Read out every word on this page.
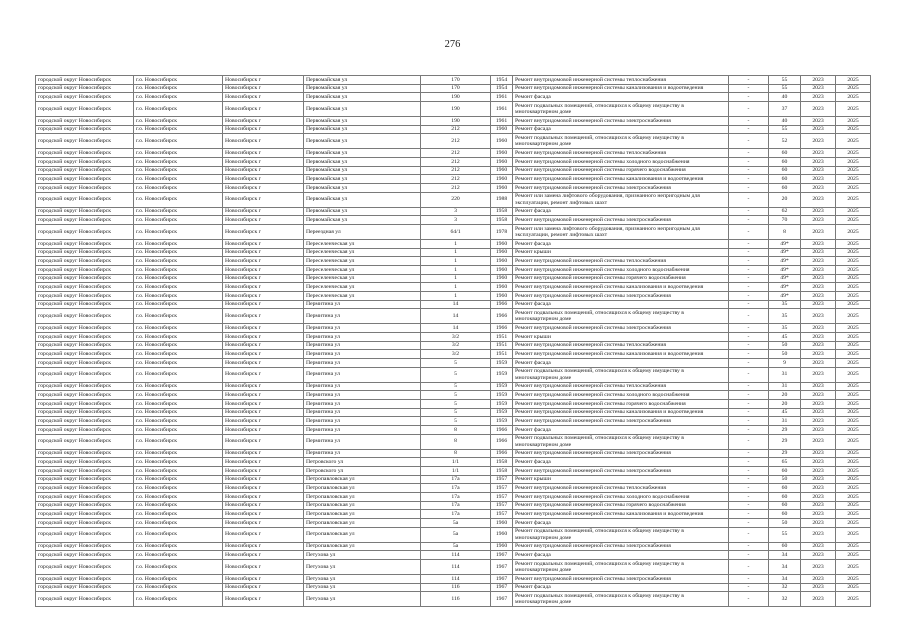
276
городской округ Новосибирск	г.о. Новосибирск	Новосибирск г	Первомайская ул	170	1954	Ремонт внутридомовой инженерной системы теплоснабжения	-	55	2023	2025
городской округ Новосибирск	г.о. Новосибирск	Новосибирск г	Первомайская ул	170	1954	Ремонт внутридомовой инженерной системы канализования и водоотведения	-	55	2023	2025
городской округ Новосибирск	г.о. Новосибирск	Новосибирск г	Первомайская ул	190	1961	Ремонт фасада	-	40	2023	2025
городской округ Новосибирск	г.о. Новосибирск	Новосибирск г	Первомайская ул	190	1961	Ремонт подвальных помещений, относящихся к общему имуществу в многоквартирном доме	-	37	2023	2025
городской округ Новосибирск	г.о. Новосибирск	Новосибирск г	Первомайская ул	190	1961	Ремонт внутридомовой инженерной системы электроснабжения	-	40	2023	2025
городской округ Новосибирск	г.о. Новосибирск	Новосибирск г	Первомайская ул	212	1960	Ремонт фасада	-	55	2023	2025
городской округ Новосибирск	г.о. Новосибирск	Новосибирск г	Первомайская ул	212	1960	Ремонт подвальных помещений, относящихся к общему имуществу в многоквартирном доме	-	52	2023	2025
городской округ Новосибирск	г.о. Новосибирск	Новосибирск г	Первомайская ул	212	1960	Ремонт внутридомовой инженерной системы теплоснабжения	-	60	2023	2025
городской округ Новосибирск	г.о. Новосибирск	Новосибирск г	Первомайская ул	212	1960	Ремонт внутридомовой инженерной системы холодного водоснабжения	-	60	2023	2025
городской округ Новосибирск	г.о. Новосибирск	Новосибирск г	Первомайская ул	212	1960	Ремонт внутридомовой инженерной системы горячего водоснабжения	-	60	2023	2025
городской округ Новосибирск	г.о. Новосибирск	Новосибирск г	Первомайская ул	212	1960	Ремонт внутридомовой инженерной системы канализования и водоотведения	-	60	2023	2025
городской округ Новосибирск	г.о. Новосибирск	Новосибирск г	Первомайская ул	212	1960	Ремонт внутридомовой инженерной системы электроснабжения	-	60	2023	2025
городской округ Новосибирск	г.о. Новосибирск	Новосибирск г	Первомайская ул	220	1988	Ремонт или замена лифтового оборудования, признанного непригодным для эксплуатации, ремонт лифтовых шахт	-	20	2023	2025
городской округ Новосибирск	г.о. Новосибирск	Новосибирск г	Первомайская ул	3	1958	Ремонт фасада	-	62	2023	2025
городской округ Новосибирск	г.о. Новосибирск	Новосибирск г	Первомайская ул	3	1958	Ремонт внутридомовой инженерной системы электроснабжения	-	70	2023	2025
городской округ Новосибирск	г.о. Новосибирск	Новосибирск г	Переездная ул	64/1	1978	Ремонт или замена лифтового оборудования, признанного непригодным для эксплуатации, ремонт лифтовых шахт	-	8	2023	2025
городской округ Новосибирск	г.о. Новосибирск	Новосибирск г	Переселенческая ул	1	1960	Ремонт фасада	-	49*	2023	2025
городской округ Новосибирск	г.о. Новосибирск	Новосибирск г	Переселенческая ул	1	1960	Ремонт крыши	-	49*	2023	2025
городской округ Новосибирск	г.о. Новосибирск	Новосибирск г	Переселенческая ул	1	1960	Ремонт внутридомовой инженерной системы теплоснабжения	-	49*	2023	2025
городской округ Новосибирск	г.о. Новосибирск	Новосибирск г	Переселенческая ул	1	1960	Ремонт внутридомовой инженерной системы холодного водоснабжения	-	49*	2023	2025
городской округ Новосибирск	г.о. Новосибирск	Новосибирск г	Переселенческая ул	1	1960	Ремонт внутридомовой инженерной системы горячего водоснабжения	-	49*	2023	2025
городской округ Новосибирск	г.о. Новосибирск	Новосибирск г	Переселенческая ул	1	1960	Ремонт внутридомовой инженерной системы канализования и водоотведения	-	49*	2023	2025
городской округ Новосибирск	г.о. Новосибирск	Новосибирск г	Переселенческая ул	1	1960	Ремонт внутридомовой инженерной системы электроснабжения	-	49*	2023	2025
городской округ Новосибирск	г.о. Новосибирск	Новосибирск г	Пермитина ул	14	1966	Ремонт фасада	-	35	2023	2025
городской округ Новосибирск	г.о. Новосибирск	Новосибирск г	Пермитина ул	14	1966	Ремонт подвальных помещений, относящихся к общему имуществу в многоквартирном доме	-	35	2023	2025
городской округ Новосибирск	г.о. Новосибирск	Новосибирск г	Пермитина ул	14	1966	Ремонт внутридомовой инженерной системы электроснабжения	-	35	2023	2025
городской округ Новосибирск	г.о. Новосибирск	Новосибирск г	Пермитина ул	3/2	1951	Ремонт крыши	-	45	2023	2025
городской округ Новосибирск	г.о. Новосибирск	Новосибирск г	Пермитина ул	3/2	1951	Ремонт внутридомовой инженерной системы теплоснабжения	-	50	2023	2025
городской округ Новосибирск	г.о. Новосибирск	Новосибирск г	Пермитина ул	3/2	1951	Ремонт внутридомовой инженерной системы канализования и водоотведения	-	50	2023	2025
городской округ Новосибирск	г.о. Новосибирск	Новосибирск г	Пермитина ул	5	1959	Ремонт фасада	-	9	2023	2025
городской округ Новосибирск	г.о. Новосибирск	Новосибирск г	Пермитина ул	5	1959	Ремонт подвальных помещений, относящихся к общему имуществу в многоквартирном доме	-	31	2023	2025
городской округ Новосибирск	г.о. Новосибирск	Новосибирск г	Пермитина ул	5	1959	Ремонт внутридомовой инженерной системы теплоснабжения	-	31	2023	2025
городской округ Новосибирск	г.о. Новосибирск	Новосибирск г	Пермитина ул	5	1959	Ремонт внутридомовой инженерной системы холодного водоснабжения	-	20	2023	2025
городской округ Новосибирск	г.о. Новосибирск	Новосибирск г	Пермитина ул	5	1959	Ремонт внутридомовой инженерной системы горячего водоснабжения	-	20	2023	2025
городской округ Новосибирск	г.о. Новосибирск	Новосибирск г	Пермитина ул	5	1959	Ремонт внутридомовой инженерной системы канализования и водоотведения	-	45	2023	2025
городской округ Новосибирск	г.о. Новосибирск	Новосибирск г	Пермитина ул	5	1959	Ремонт внутридомовой инженерной системы электроснабжения	-	31	2023	2025
городской округ Новосибирск	г.о. Новосибирск	Новосибирск г	Пермитина ул	8	1966	Ремонт фасада	-	29	2023	2025
городской округ Новосибирск	г.о. Новосибирск	Новосибирск г	Пермитина ул	8	1966	Ремонт подвальных помещений, относящихся к общему имуществу в многоквартирном доме	-	29	2023	2025
городской округ Новосибирск	г.о. Новосибирск	Новосибирск г	Пермитина ул	8	1966	Ремонт внутридомовой инженерной системы электроснабжения	-	29	2023	2025
городской округ Новосибирск	г.о. Новосибирск	Новосибирск г	Петровского ул	1/1	1958	Ремонт фасада	-	65	2023	2025
городской округ Новосибирск	г.о. Новосибирск	Новосибирск г	Петровского ул	1/1	1958	Ремонт внутридомовой инженерной системы электроснабжения	-	60	2023	2025
городской округ Новосибирск	г.о. Новосибирск	Новосибирск г	Петропавловская ул	17а	1957	Ремонт крыши	-	50	2023	2025
городской округ Новосибирск	г.о. Новосибирск	Новосибирск г	Петропавловская ул	17а	1957	Ремонт внутридомовой инженерной системы теплоснабжения	-	60	2023	2025
городской округ Новосибирск	г.о. Новосибирск	Новосибирск г	Петропавловская ул	17а	1957	Ремонт внутридомовой инженерной системы холодного водоснабжения	-	60	2023	2025
городской округ Новосибирск	г.о. Новосибирск	Новосибирск г	Петропавловская ул	17а	1957	Ремонт внутридомовой инженерной системы горячего водоснабжения	-	60	2023	2025
городской округ Новосибирск	г.о. Новосибирск	Новосибирск г	Петропавловская ул	17а	1957	Ремонт внутридомовой инженерной системы канализования и водоотведения	-	60	2023	2025
городской округ Новосибирск	г.о. Новосибирск	Новосибирск г	Петропавловская ул	5а	1960	Ремонт фасада	-	50	2023	2025
городской округ Новосибирск	г.о. Новосибирск	Новосибирск г	Петропавловская ул	5а	1960	Ремонт подвальных помещений, относящихся к общему имуществу в многоквартирном доме	-	55	2023	2025
городской округ Новосибирск	г.о. Новосибирск	Новосибирск г	Петропавловская ул	5а	1960	Ремонт внутридомовой инженерной системы электроснабжения	-	60	2023	2025
городской округ Новосибирск	г.о. Новосибирск	Новосибирск г	Петухова ул	114	1967	Ремонт фасада	-	34	2023	2025
городской округ Новосибирск	г.о. Новосибирск	Новосибирск г	Петухова ул	114	1967	Ремонт подвальных помещений, относящихся к общему имуществу в многоквартирном доме	-	34	2023	2025
городской округ Новосибирск	г.о. Новосибирск	Новосибирск г	Петухова ул	114	1967	Ремонт внутридомовой инженерной системы электроснабжения	-	34	2023	2025
городской округ Новосибирск	г.о. Новосибирск	Новосибирск г	Петухова ул	116	1967	Ремонт фасада	-	32	2023	2025
городской округ Новосибирск	г.о. Новосибирск	Новосибирск г	Петухова ул	116	1967	Ремонт подвальных помещений, относящихся к общему имуществу в многоквартирном доме	-	32	2023	2025
